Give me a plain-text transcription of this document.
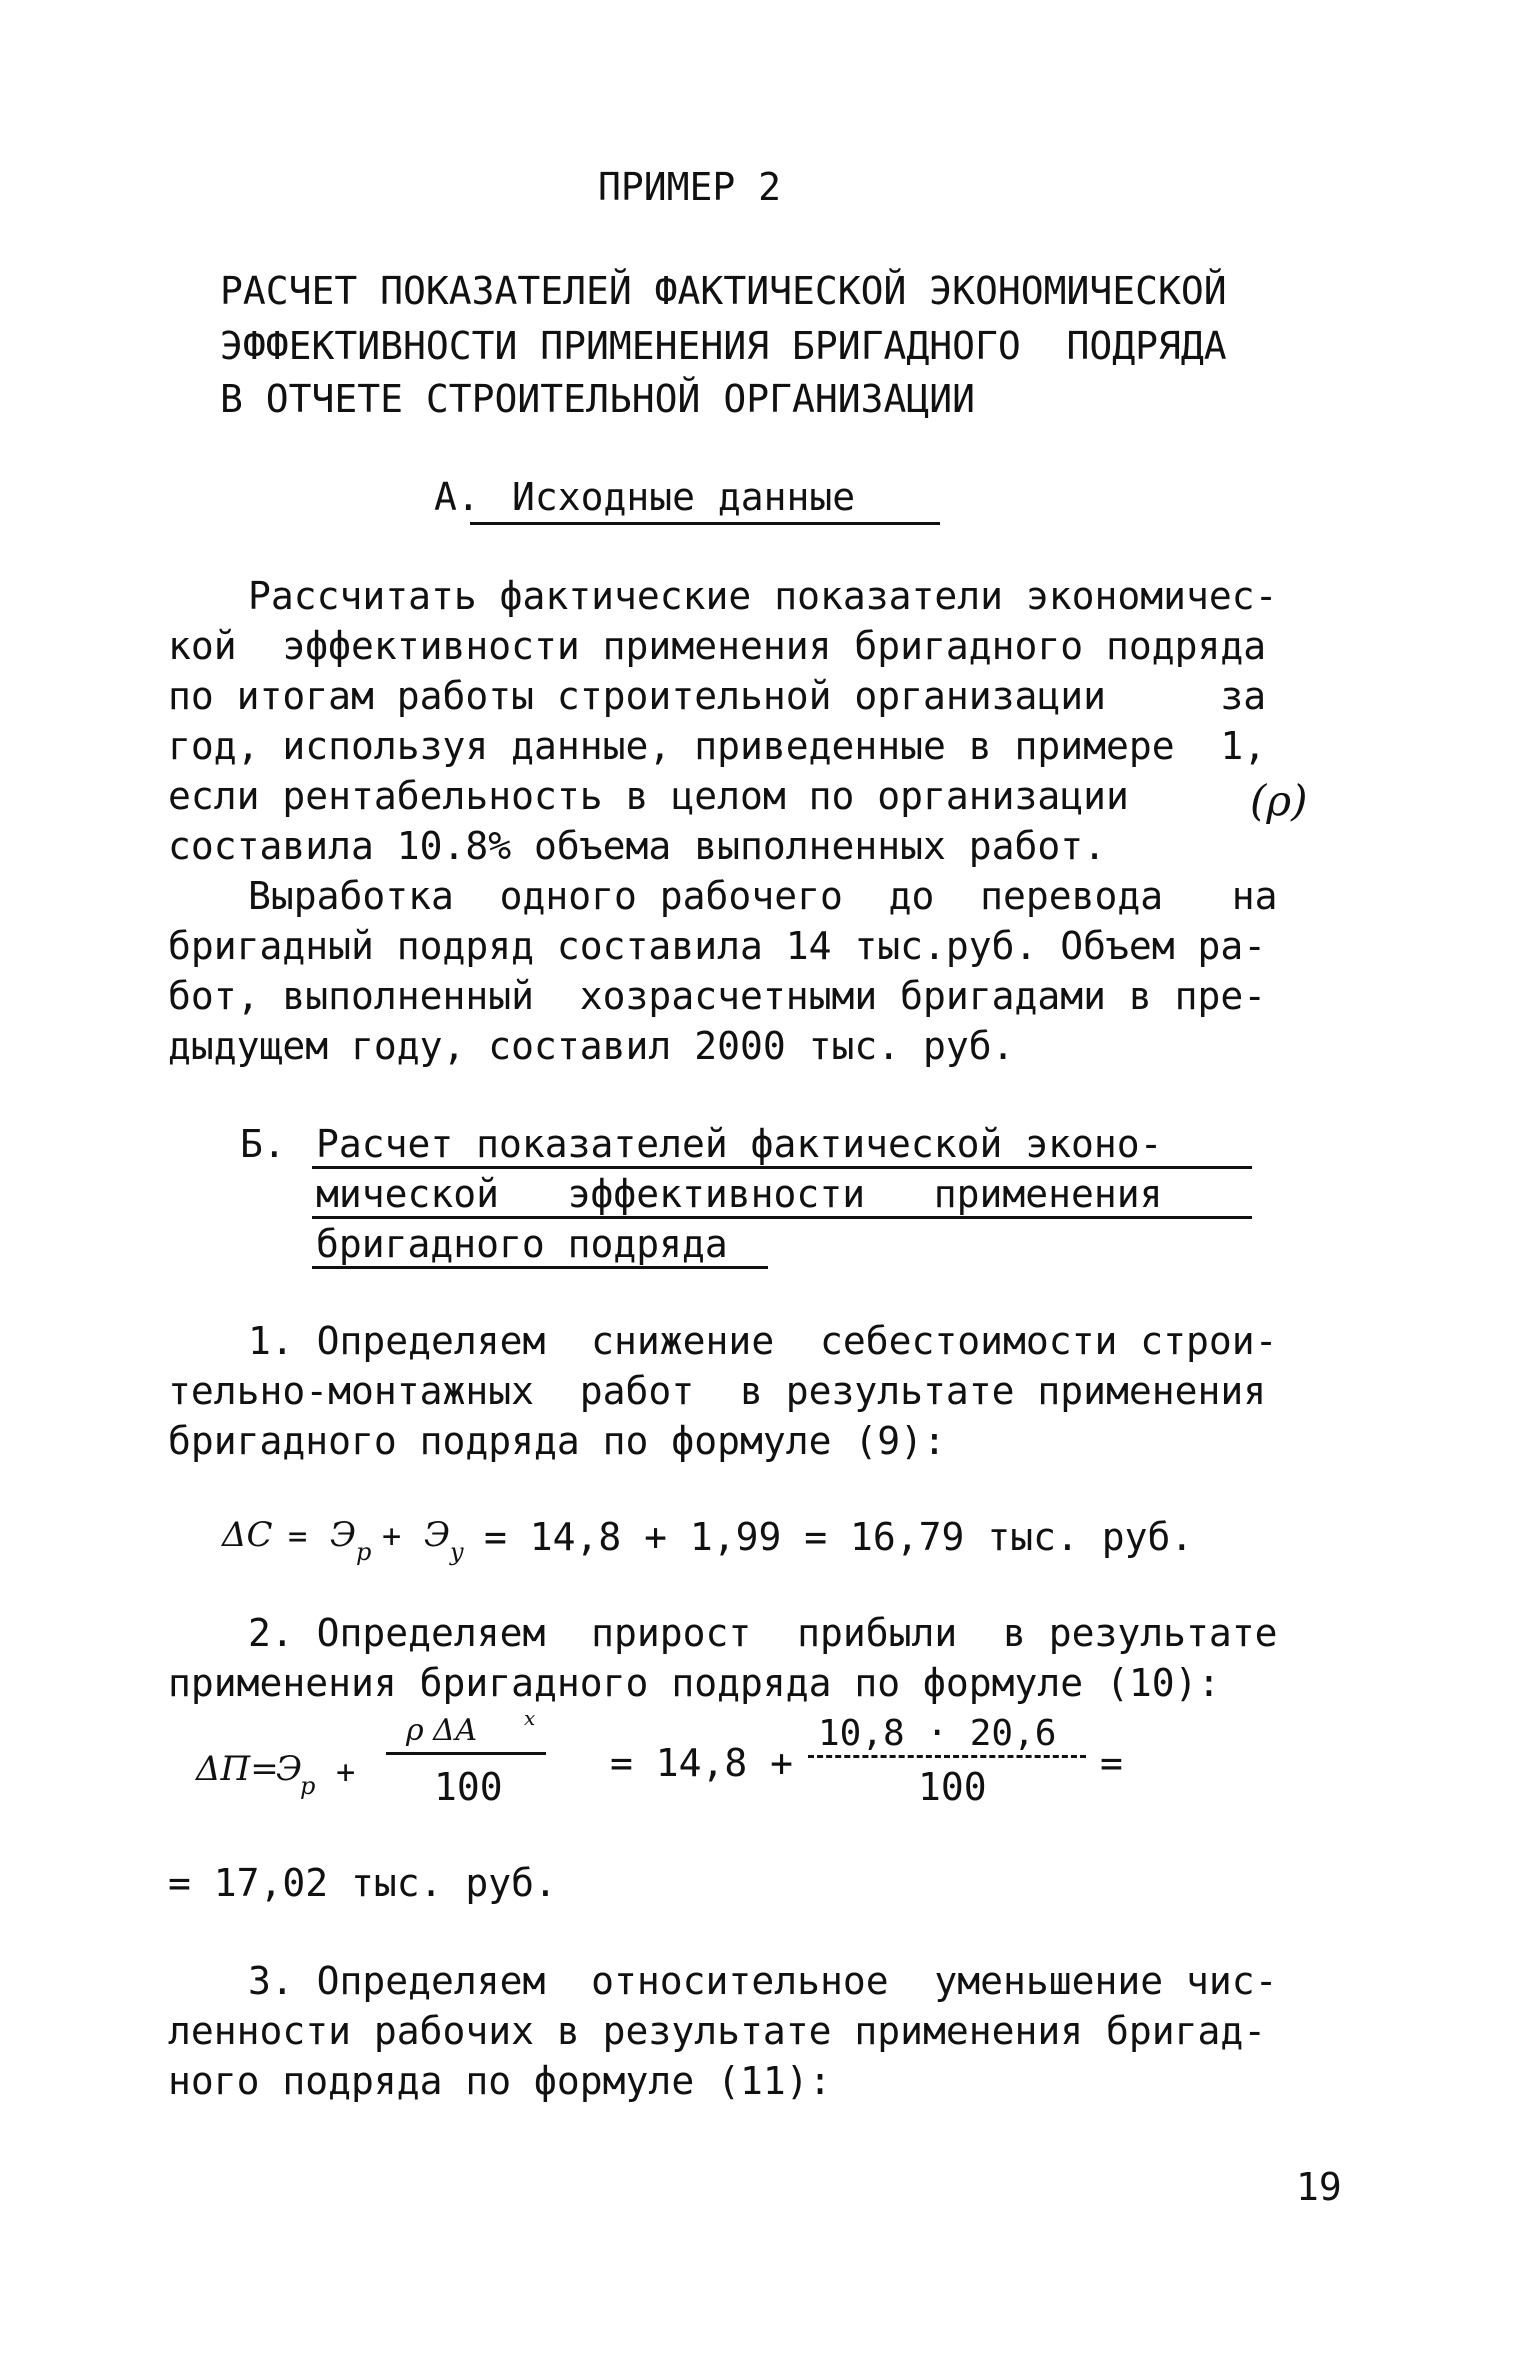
ПРИМЕР 2
РАСЧЕТ ПОКАЗАТЕЛЕЙ ФАКТИЧЕСКОЙ ЭКОНОМИЧЕСКОЙ
ЭФФЕКТИВНОСТИ ПРИМЕНЕНИЯ БРИГАДНОГО  ПОДРЯДА
В ОТЧЕТЕ СТРОИТЕЛЬНОЙ ОРГАНИЗАЦИИ
А. Исходные данные
Рассчитать фактические показатели экономичес-
кой  эффективности применения бригадного подряда
по итогам работы строительной организации     за
год, используя данные, приведенные в примере  1,
если рентабельность в целом по организации	(ρ)
составила 10.8% объема выполненных работ.
Выработка  одного рабочего  до  перевода   на
бригадный подряд составила 14 тыс.руб. Объем ра-
бот, выполненный  хозрасчетными бригадами в пре-
дыдущем году, составил 2000 тыс. руб.
Б. Расчет показателей фактической эконо-
мической   эффективности   применения
бригадного подряда
1. Определяем  снижение  себестоимости строи-
тельно-монтажных  работ  в результате применения
бригадного подряда по формуле (9):
ΔС = Э р + Э у = 14,8 + 1,99 = 16,79 тыс. руб.
2. Определяем  прирост  прибыли  в результате
применения бригадного подряда по формуле (10):
ΔП=
Э
р +
ρ ΔА x
100
= 14,8 +
10,8 · 20,6
100
=
= 17,02 тыс. руб.
3. Определяем  относительное  уменьшение чис-
ленности рабочих в результате применения бригад-
ного подряда по формуле (11):
19
